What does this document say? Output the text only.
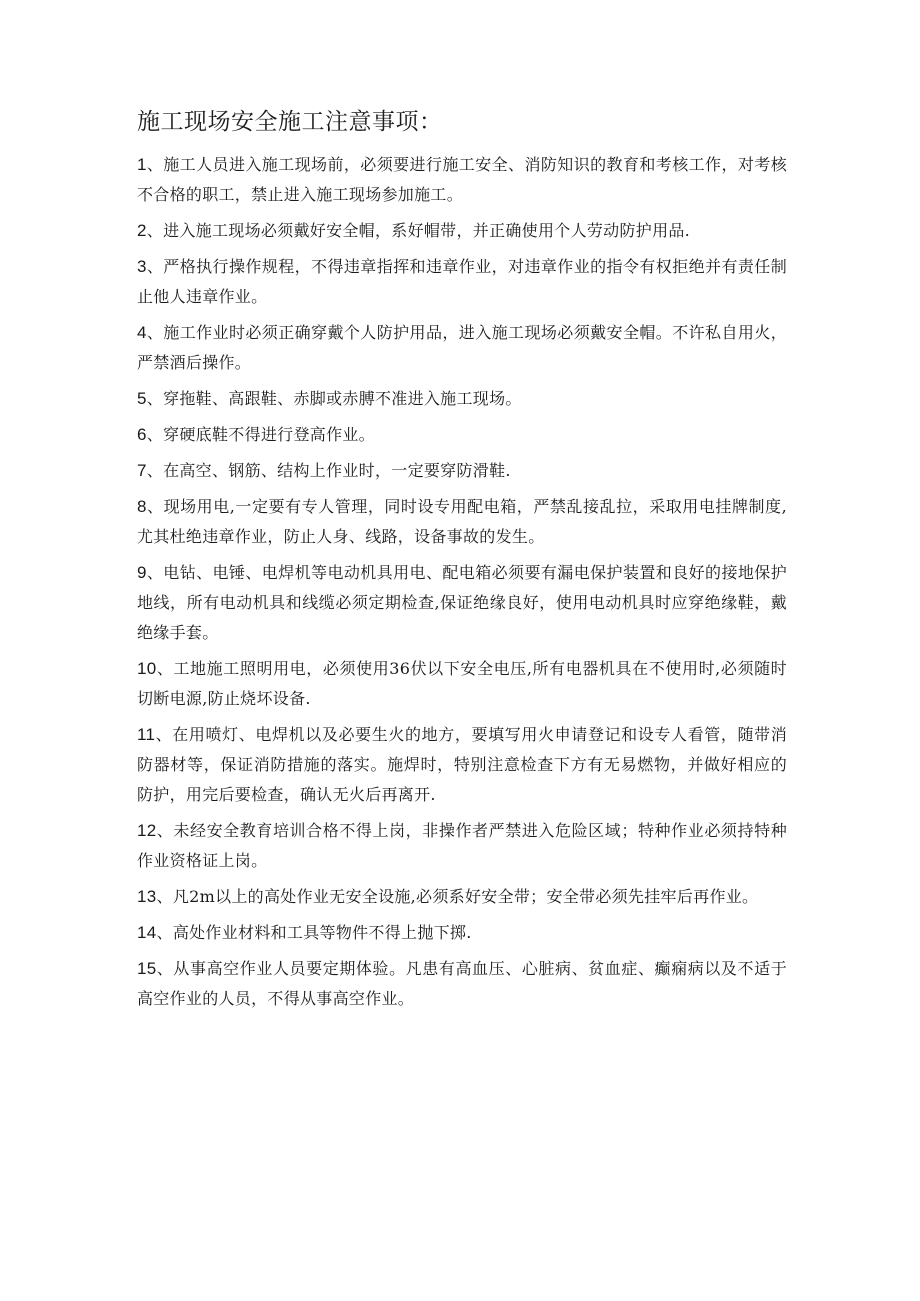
施工现场安全施工注意事项：
1、施工人员进入施工现场前，必须要进行施工安全、消防知识的教育和考核工作，对考核不合格的职工，禁止进入施工现场参加施工。
2、进入施工现场必须戴好安全帽，系好帽带，并正确使用个人劳动防护用品.
3、严格执行操作规程，不得违章指挥和违章作业，对违章作业的指令有权拒绝并有责任制止他人违章作业。
4、施工作业时必须正确穿戴个人防护用品，进入施工现场必须戴安全帽。不许私自用火，严禁酒后操作。
5、穿拖鞋、高跟鞋、赤脚或赤膊不准进入施工现场。
6、穿硬底鞋不得进行登高作业。
7、在高空、钢筋、结构上作业时，一定要穿防滑鞋.
8、现场用电,一定要有专人管理，同时设专用配电箱，严禁乱接乱拉，采取用电挂牌制度,尤其杜绝违章作业，防止人身、线路，设备事故的发生。
9、电钻、电锤、电焊机等电动机具用电、配电箱必须要有漏电保护装置和良好的接地保护地线，所有电动机具和线缆必须定期检查,保证绝缘良好，使用电动机具时应穿绝缘鞋，戴绝缘手套。
10、工地施工照明用电，必须使用36伏以下安全电压,所有电器机具在不使用时,必须随时切断电源,防止烧坏设备.
11、在用喷灯、电焊机以及必要生火的地方，要填写用火申请登记和设专人看管，随带消防器材等，保证消防措施的落实。施焊时，特别注意检查下方有无易燃物，并做好相应的防护，用完后要检查，确认无火后再离开.
12、未经安全教育培训合格不得上岗，非操作者严禁进入危险区域；特种作业必须持特种作业资格证上岗。
13、凡2m以上的高处作业无安全设施,必须系好安全带；安全带必须先挂牢后再作业。
14、高处作业材料和工具等物件不得上抛下掷.
15、从事高空作业人员要定期体验。凡患有高血压、心脏病、贫血症、癫痫病以及不适于高空作业的人员，不得从事高空作业。
